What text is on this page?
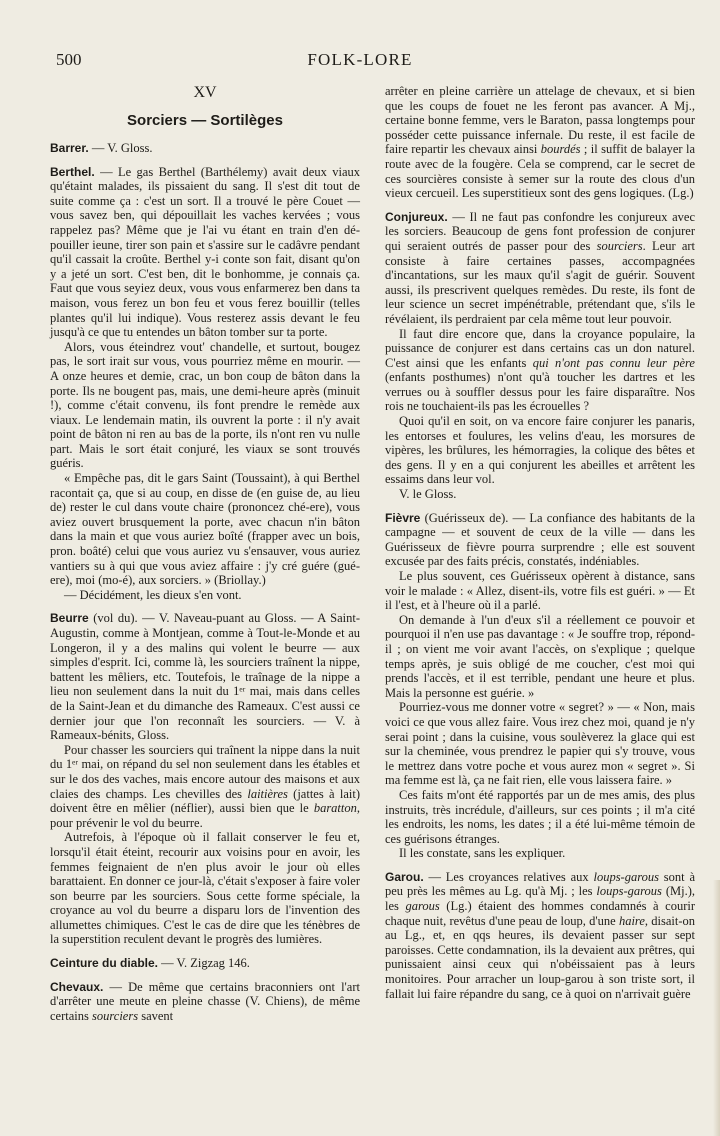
500	FOLK-LORE
XV
Sorciers — Sortilèges

Barrer. — V. Gloss.

Berthel. — Le gas Berthel (Barthélemy) avait deux viaux qu'étaint malades, ils pissaient du sang. Il s'est dit tout de suite comme ça : c'est un sort. Il a trouvé le père Couet — vous savez ben, qui dépouillait les vaches kervées ; vous rappelez pas? Même que je l'ai vu étant en train d'en dépouiller ieune, tirer son pain et s'assire sur le cadâvre pendant qu'il cassait la croûte. Berthel y-i conte son fait, disant qu'on y a jeté un sort. C'est ben, dit le bonhomme, je connais ça. Faut que vous seyiez deux, vous vous enfarmerez ben dans ta maison, vous ferez un bon feu et vous ferez bouillir (telles plantes qu'il lui indique). Vous resterez assis devant le feu jusqu'à ce que tu entendes un bâton tomber sur ta porte.

Alors, vous éteindrez vout' chandelle, et surtout, bougez pas, le sort irait sur vous, vous pourriez même en mourir. — A onze heures et demie, crac, un bon coup de bâton dans la porte. Ils ne bougent pas, mais, une demi-heure après (minuit !), comme c'était convenu, ils font prendre le remède aux viaux. Le lendemain matin, ils ouvrent la porte : il n'y avait point de bâton ni ren au bas de la porte, ils n'ont ren vu nulle part. Mais le sort était conjuré, les viaux se sont trouvés guéris.

« Empêche pas, dit le gars Saint (Toussaint), à qui Berthel racontait ça, que si au coup, en disse de (en guise de, au lieu de) rester le cul dans voute chaire (prononcez ché-ere), vous aviez ouvert brusquement la porte, avec chacun n'in bâton dans la main et que vous auriez boîté (frapper avec un bois, pron. boâté) celui que vous auriez vu s'ensauver, vous auriez vantiers su à qui que vous aviez affaire : j'y cré guére (gué-ere), moi (mo-é), aux sorciers. » (Briollay.)

— Décidément, les dieux s'en vont.

Beurre (vol du). — V. Naveau-puant au Gloss. — A Saint-Augustin, comme à Montjean, comme à Tout-le-Monde et au Longeron, il y a des malins qui volent le beurre — aux simples d'esprit. Ici, comme là, les sourciers traînent la nippe, battent les mêliers, etc. Toutefois, le traînage de la nippe a lieu non seulement dans la nuit du 1ᵉʳ mai, mais dans celles de la Saint-Jean et du dimanche des Rameaux. C'est aussi ce dernier jour que l'on reconnaît les sourciers. — V. à Rameaux-bénits, Gloss.

Pour chasser les sourciers qui traînent la nippe dans la nuit du 1ᵉʳ mai, on répand du sel non seulement dans les étables et sur le dos des vaches, mais encore autour des maisons et aux claies des champs. Les chevilles des laitières (jattes à lait) doivent être en mêlier (néflier), aussi bien que le baratton, pour prévenir le vol du beurre.

Autrefois, à l'époque où il fallait conserver le feu et, lorsqu'il était éteint, recourir aux voisins pour en avoir, les femmes feignaient de n'en plus avoir le jour où elles barattaient. En donner ce jour-là, c'était s'exposer à faire voler son beurre par les sourciers. Sous cette forme spéciale, la croyance au vol du beurre a disparu lors de l'invention des allumettes chimiques. C'est le cas de dire que les ténèbres de la superstition reculent devant le progrès des lumières.

Ceinture du diable. — V. Zigzag 146.

Chevaux. — De même que certains braconniers ont l'art d'arrêter une meute en pleine chasse (V. Chiens), de même certains sourciers savent

arrêter en pleine carrière un attelage de chevaux, et si bien que les coups de fouet ne les feront pas avancer. A Mj., certaine bonne femme, vers le Baraton, passa longtemps pour posséder cette puissance infernale. Du reste, il est facile de faire repartir les chevaux ainsi bourdés ; il suffit de balayer la route avec de la fougère. Cela se comprend, car le secret de ces sourcières consiste à semer sur la route des clous d'un vieux cercueil. Les superstitieux sont des gens logiques. (Lg.)

Conjureux. — Il ne faut pas confondre les conjureux avec les sorciers. Beaucoup de gens font profession de conjurer qui seraient outrés de passer pour des sourciers. Leur art consiste à faire certaines passes, accompagnées d'incantations, sur les maux qu'il s'agit de guérir. Souvent aussi, ils prescrivent quelques remèdes. Du reste, ils font de leur science un secret impénétrable, prétendant que, s'ils le révélaient, ils perdraient par cela même tout leur pouvoir.

Il faut dire encore que, dans la croyance populaire, la puissance de conjurer est dans certains cas un don naturel. C'est ainsi que les enfants qui n'ont pas connu leur père (enfants posthumes) n'ont qu'à toucher les dartres et les verrues ou à souffler dessus pour les faire disparaître. Nos rois ne touchaient-ils pas les écrouelles ?

Quoi qu'il en soit, on va encore faire conjurer les panaris, les entorses et foulures, les velins d'eau, les morsures de vipères, les brûlures, les hémorragies, la colique des bêtes et des gens. Il y en a qui conjurent les abeilles et arrêtent les essaims dans leur vol.

V. le Gloss.

Fièvre (Guérisseux de). — La confiance des habitants de la campagne — et souvent de ceux de la ville — dans les Guérisseux de fièvre pourra surprendre ; elle est souvent excusée par des faits précis, constatés, indéniables.

Le plus souvent, ces Guérisseux opèrent à distance, sans voir le malade : « Allez, disent-ils, votre fils est guéri. » — Et il l'est, et à l'heure où il a parlé.

On demande à l'un d'eux s'il a réellement ce pouvoir et pourquoi il n'en use pas davantage : « Je souffre trop, répond-il ; on vient me voir avant l'accès, on s'explique ; quelque temps après, je suis obligé de me coucher, c'est moi qui prends l'accès, et il est terrible, pendant une heure et plus. Mais la personne est guérie. »

Pourriez-vous me donner votre « segret? » — « Non, mais voici ce que vous allez faire. Vous irez chez moi, quand je n'y serai point ; dans la cuisine, vous soulèverez la glace qui est sur la cheminée, vous prendrez le papier qui s'y trouve, vous le mettrez dans votre poche et vous aurez mon « segret ». Si ma femme est là, ça ne fait rien, elle vous laissera faire. »

Ces faits m'ont été rapportés par un de mes amis, des plus instruits, très incrédule, d'ailleurs, sur ces points ; il m'a cité les endroits, les noms, les dates ; il a été lui-même témoin de ces guérisons étranges.

Il les constate, sans les expliquer.

Garou. — Les croyances relatives aux loups-garous sont à peu près les mêmes au Lg. qu'à Mj. ; les loups-garous (Mj.), les garous (Lg.) étaient des hommes condamnés à courir chaque nuit, revêtus d'une peau de loup, d'une haire, disait-on au Lg., et, en qqs heures, ils devaient passer sur sept paroisses. Cette condamnation, ils la devaient aux prêtres, qui punissaient ainsi ceux qui n'obéissaient pas à leurs monitoires. Pour arracher un loup-garou à son triste sort, il fallait lui faire répandre du sang, ce à quoi on n'arrivait guère
